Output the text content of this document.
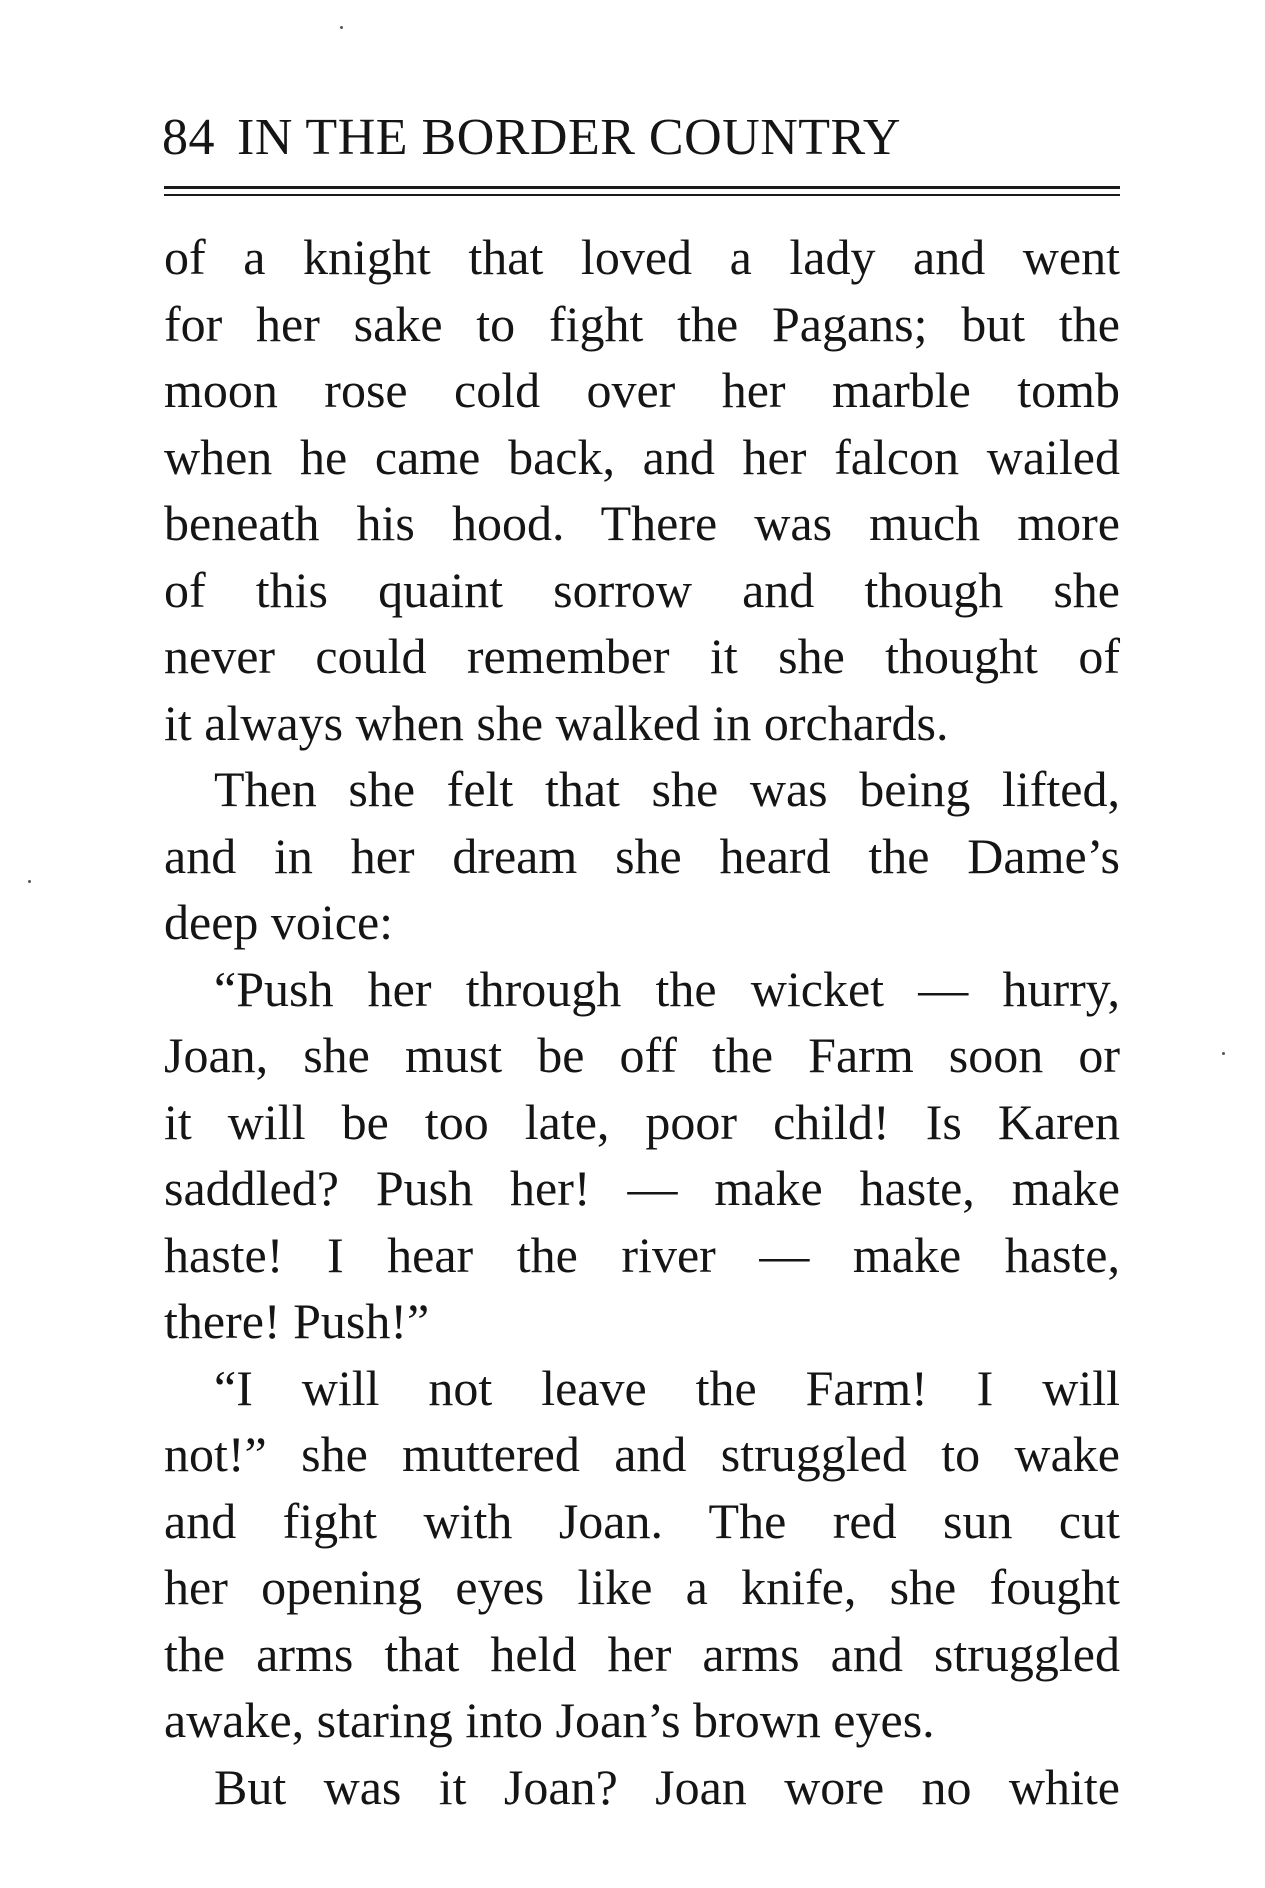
84 IN THE BORDER COUNTRY
of a knight that loved a lady and went
for her sake to fight the Pagans; but the
moon rose cold over her marble tomb
when he came back, and her falcon wailed
beneath his hood. There was much more
of this quaint sorrow and though she
never could remember it she thought of
it always when she walked in orchards.
Then she felt that she was being lifted,
and in her dream she heard the Dame’s
deep voice:
“Push her through the wicket — hurry,
Joan, she must be off the Farm soon or
it will be too late, poor child! Is Karen
saddled? Push her! — make haste, make
haste! I hear the river — make haste,
there! Push!”
“I will not leave the Farm! I will
not!” she muttered and struggled to wake
and fight with Joan. The red sun cut
her opening eyes like a knife, she fought
the arms that held her arms and struggled
awake, staring into Joan’s brown eyes.
But was it Joan? Joan wore no white
